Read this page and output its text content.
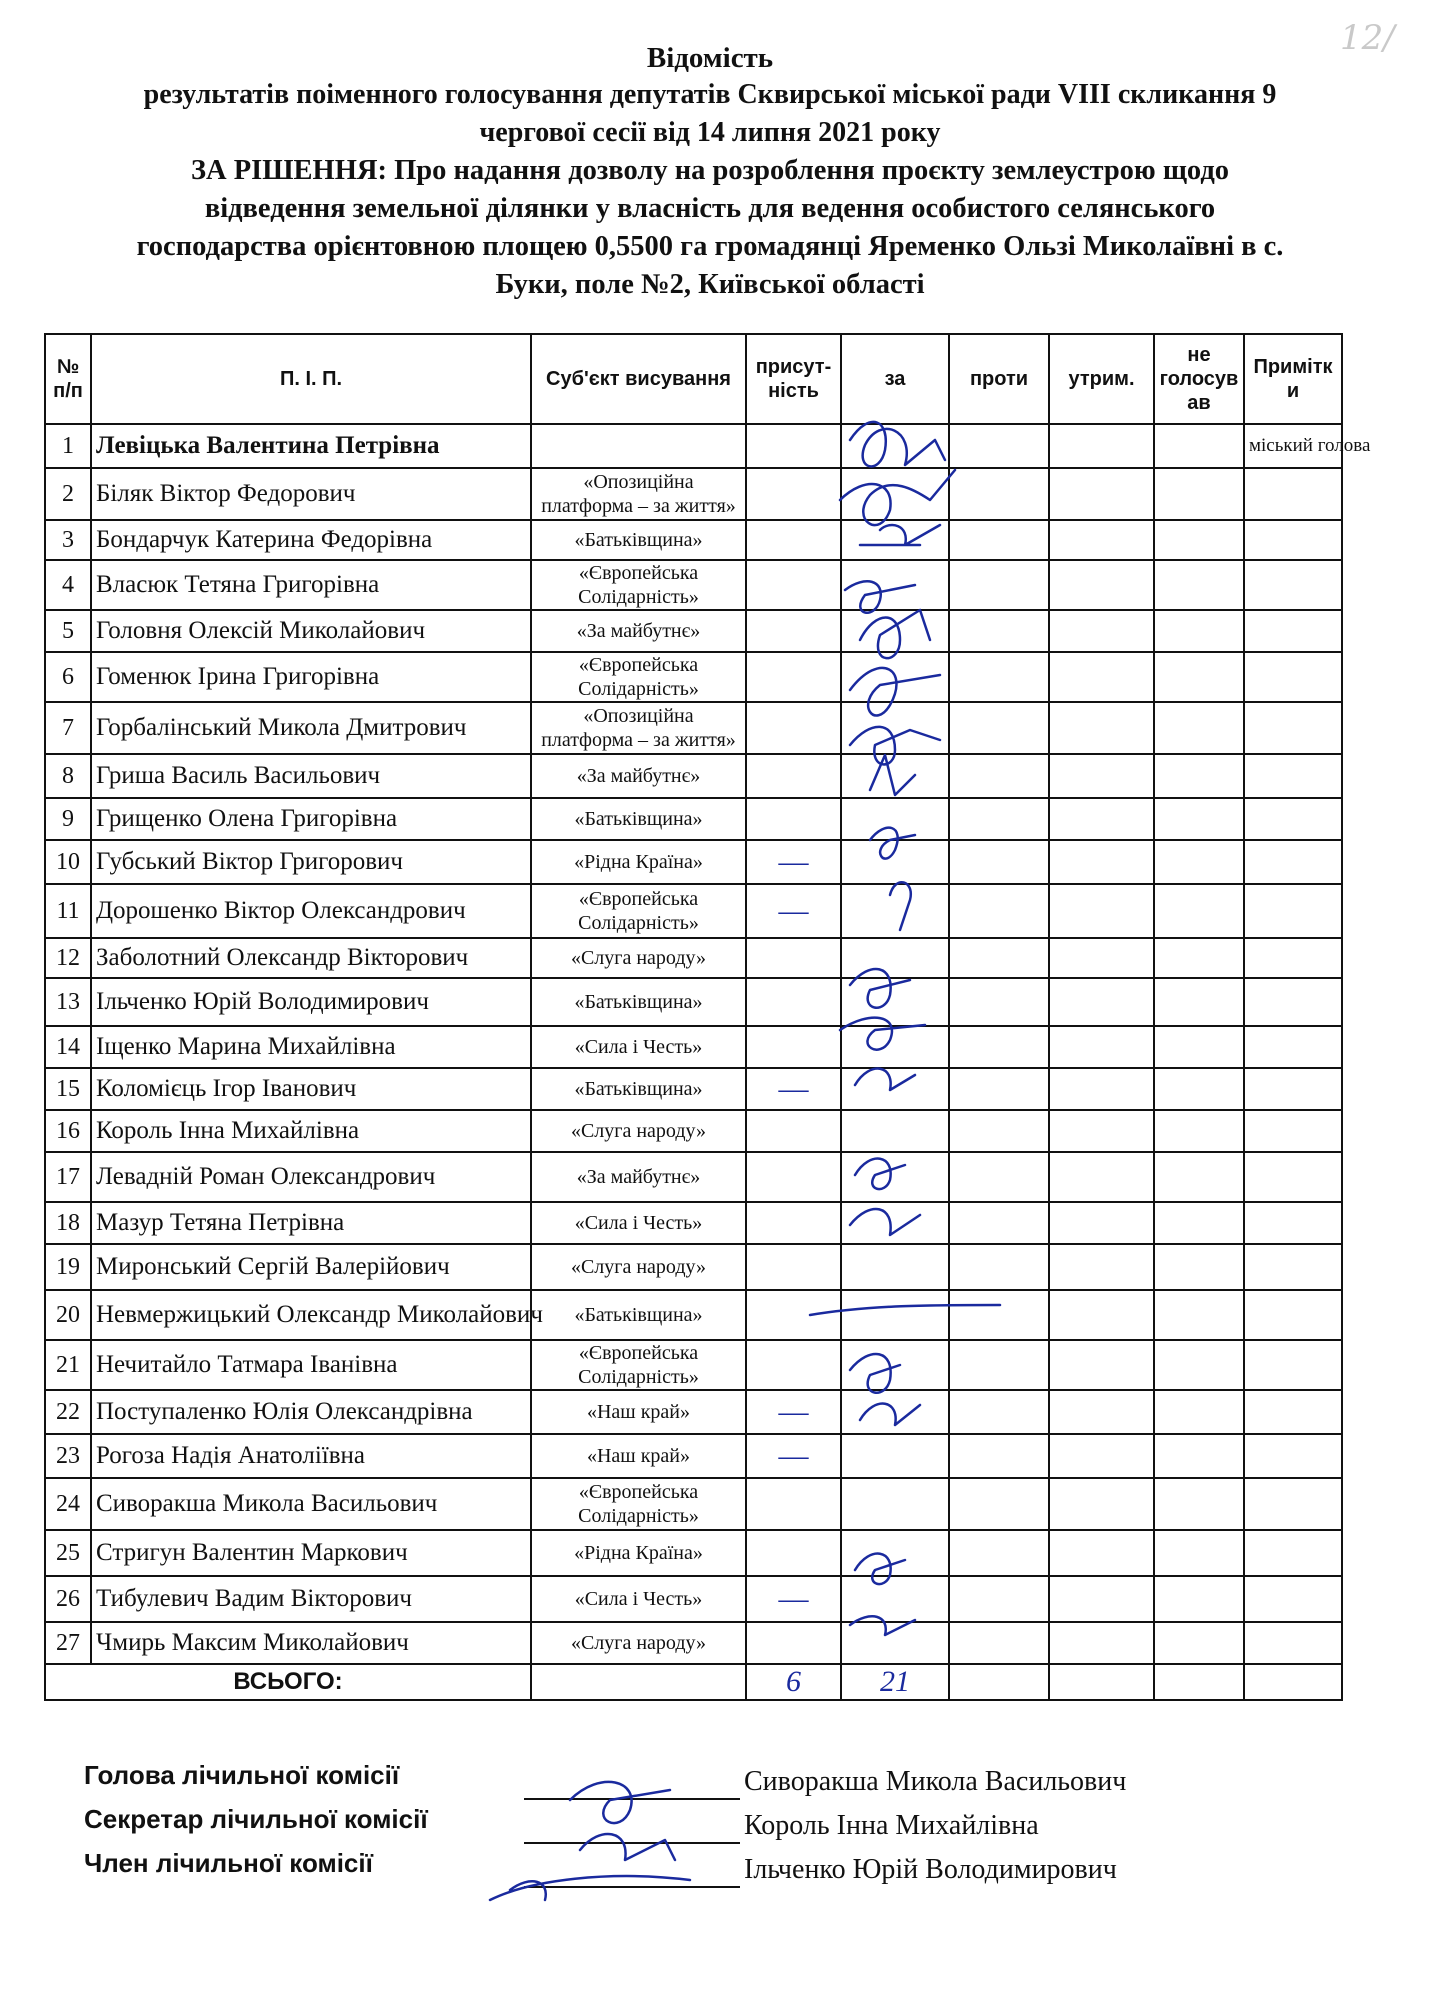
12/
Відомість
результатів поіменного голосування депутатів Сквирської міської ради VIII скликання 9
чергової сесії від 14 липня 2021 року
ЗА РІШЕННЯ: Про надання дозволу на розроблення проєкту землеустрою щодо
відведення земельної ділянки у власність для ведення особистого селянського
господарства орієнтовною площею 0,5500 га громадянці Яременко Ользі Миколаївні в с.
Буки, поле №2, Київської області
№ п/п	П. І. П.	Суб'єкт висування	присут-ність	за	проти	утрим.	не голосув ав	Примітк и
1	Левіцька Валентина Петрівна							міський голова
2	Біляк Віктор Федорович	«Опозиційна платформа – за життя»						
3	Бондарчук Катерина Федорівна	«Батьківщина»						
4	Власюк Тетяна Григорівна	«Європейська Солідарність»						
5	Головня Олексій Миколайович	«За майбутнє»						
6	Гоменюк Ірина Григорівна	«Європейська Солідарність»						
7	Горбалінський Микола Дмитрович	«Опозиційна платформа – за життя»						
8	Гриша Василь Васильович	«За майбутнє»						
9	Грищенко Олена Григорівна	«Батьківщина»						
10	Губський Віктор Григорович	«Рідна Країна»	—					
11	Дорошенко Віктор Олександрович	«Європейська Солідарність»	—					
12	Заболотний Олександр Вікторович	«Слуга народу»						
13	Ільченко Юрій Володимирович	«Батьківщина»						
14	Іщенко Марина Михайлівна	«Сила і Честь»						
15	Коломієць Ігор Іванович	«Батьківщина»	—					
16	Король Інна Михайлівна	«Слуга народу»						
17	Левадній Роман Олександрович	«За майбутнє»						
18	Мазур Тетяна Петрівна	«Сила і Честь»						
19	Миронський Сергій Валерійович	«Слуга народу»						
20	Невмержицький Олександр Миколайович	«Батьківщина»						
21	Нечитайло Татмара Іванівна	«Європейська Солідарність»						
22	Поступаленко Юлія Олександрівна	«Наш край»	—					
23	Рогоза Надія Анатоліївна	«Наш край»	—					
24	Сиворакша Микола Васильович	«Європейська Солідарність»						
25	Стригун Валентин Маркович	«Рідна Країна»						
26	Тибулевич Вадим Вікторович	«Сила і Честь»	—					
27	Чмирь Максим Миколайович	«Слуга народу»						
ВСЬОГО:			6	21				
Голова лічильної комісії	Сиворакша Микола Васильович
Секретар лічильної комісії	Король Інна Михайлівна
Член лічильної комісії	Ільченко Юрій Володимирович
